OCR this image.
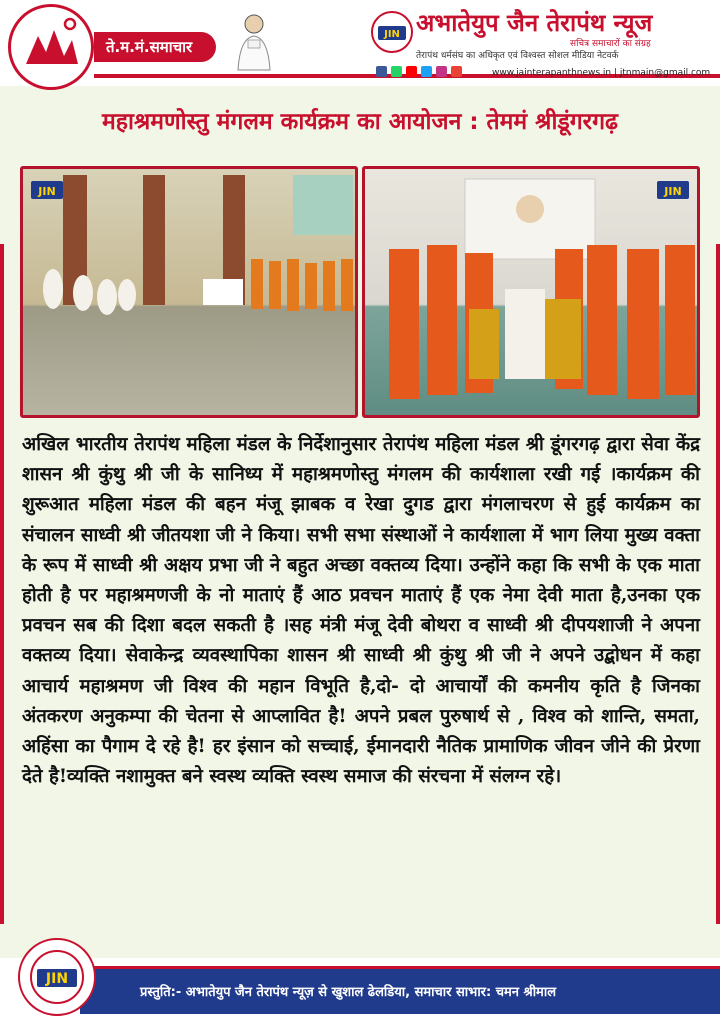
ते.म.मं.समाचार
JIN अभातेयुप जैन तेरापंथ न्यूज
सचित्र समाचारों का संग्रह
तेरापंथ धर्मसंघ का अधिकृत एवं विश्वस्त सोशल मीडिया नेटवर्क
www.jainterapanthnews.in | jtnmain@gmail.com
महाश्रमणोस्तु मंगलम कार्यक्रम का आयोजन : तेममं श्रीडूंगरगढ़
JIN	JIN
अखिल भारतीय तेरापंथ महिला मंडल के निर्देशानुसार तेरापंथ महिला मंडल श्री डूंगरगढ़ द्वारा सेवा केंद्र शासन श्री कुंथु श्री जी के सानिध्य में महाश्रमणोस्तु मंगलम की कार्यशाला रखी गई ।कार्यक्रम की शुरूआत महिला मंडल की बहन मंजू झाबक व रेखा दुगड द्वारा मंगलाचरण से हुई कार्यक्रम का संचालन साध्वी श्री जीतयशा जी ने किया। सभी सभा संस्थाओं ने कार्यशाला में भाग लिया मुख्य वक्ता के रूप में साध्वी श्री अक्षय प्रभा जी ने बहुत अच्छा वक्तव्य दिया। उन्होंने कहा कि सभी के एक माता होती है पर महाश्रमणजी के नो माताएं हैं आठ प्रवचन माताएं हैं एक नेमा देवी माता है,उनका एक प्रवचन सब की दिशा बदल सकती है ।सह मंत्री मंजू देवी बोथरा व साध्वी श्री दीपयशाजी ने अपना वक्तव्य दिया। सेवाकेन्द्र व्यवस्थापिका शासन श्री साध्वी श्री कुंथु श्री जी ने अपने उद्बोधन में कहा आचार्य महाश्रमण जी विश्व की महान विभूति है,दो- दो आचार्यों की कमनीय कृति है जिनका अंतकरण अनुकम्पा की चेतना से आप्लावित है! अपने प्रबल पुरुषार्थ से , विश्व को शान्ति, समता, अहिंसा का पैगाम दे रहे है! हर इंसान को सच्चाई, ईमानदारी नैतिक प्रामाणिक जीवन जीने की प्रेरणा देते है!व्यक्ति नशामुक्त बने स्वस्थ व्यक्ति स्वस्थ समाज की संरचना में संलग्न रहे।
JIN
प्रस्तुति:- अभातेयुप जैन तेरापंथ न्यूज़ से खुशाल ढेलडिया, समाचार साभार: चमन श्रीमाल
